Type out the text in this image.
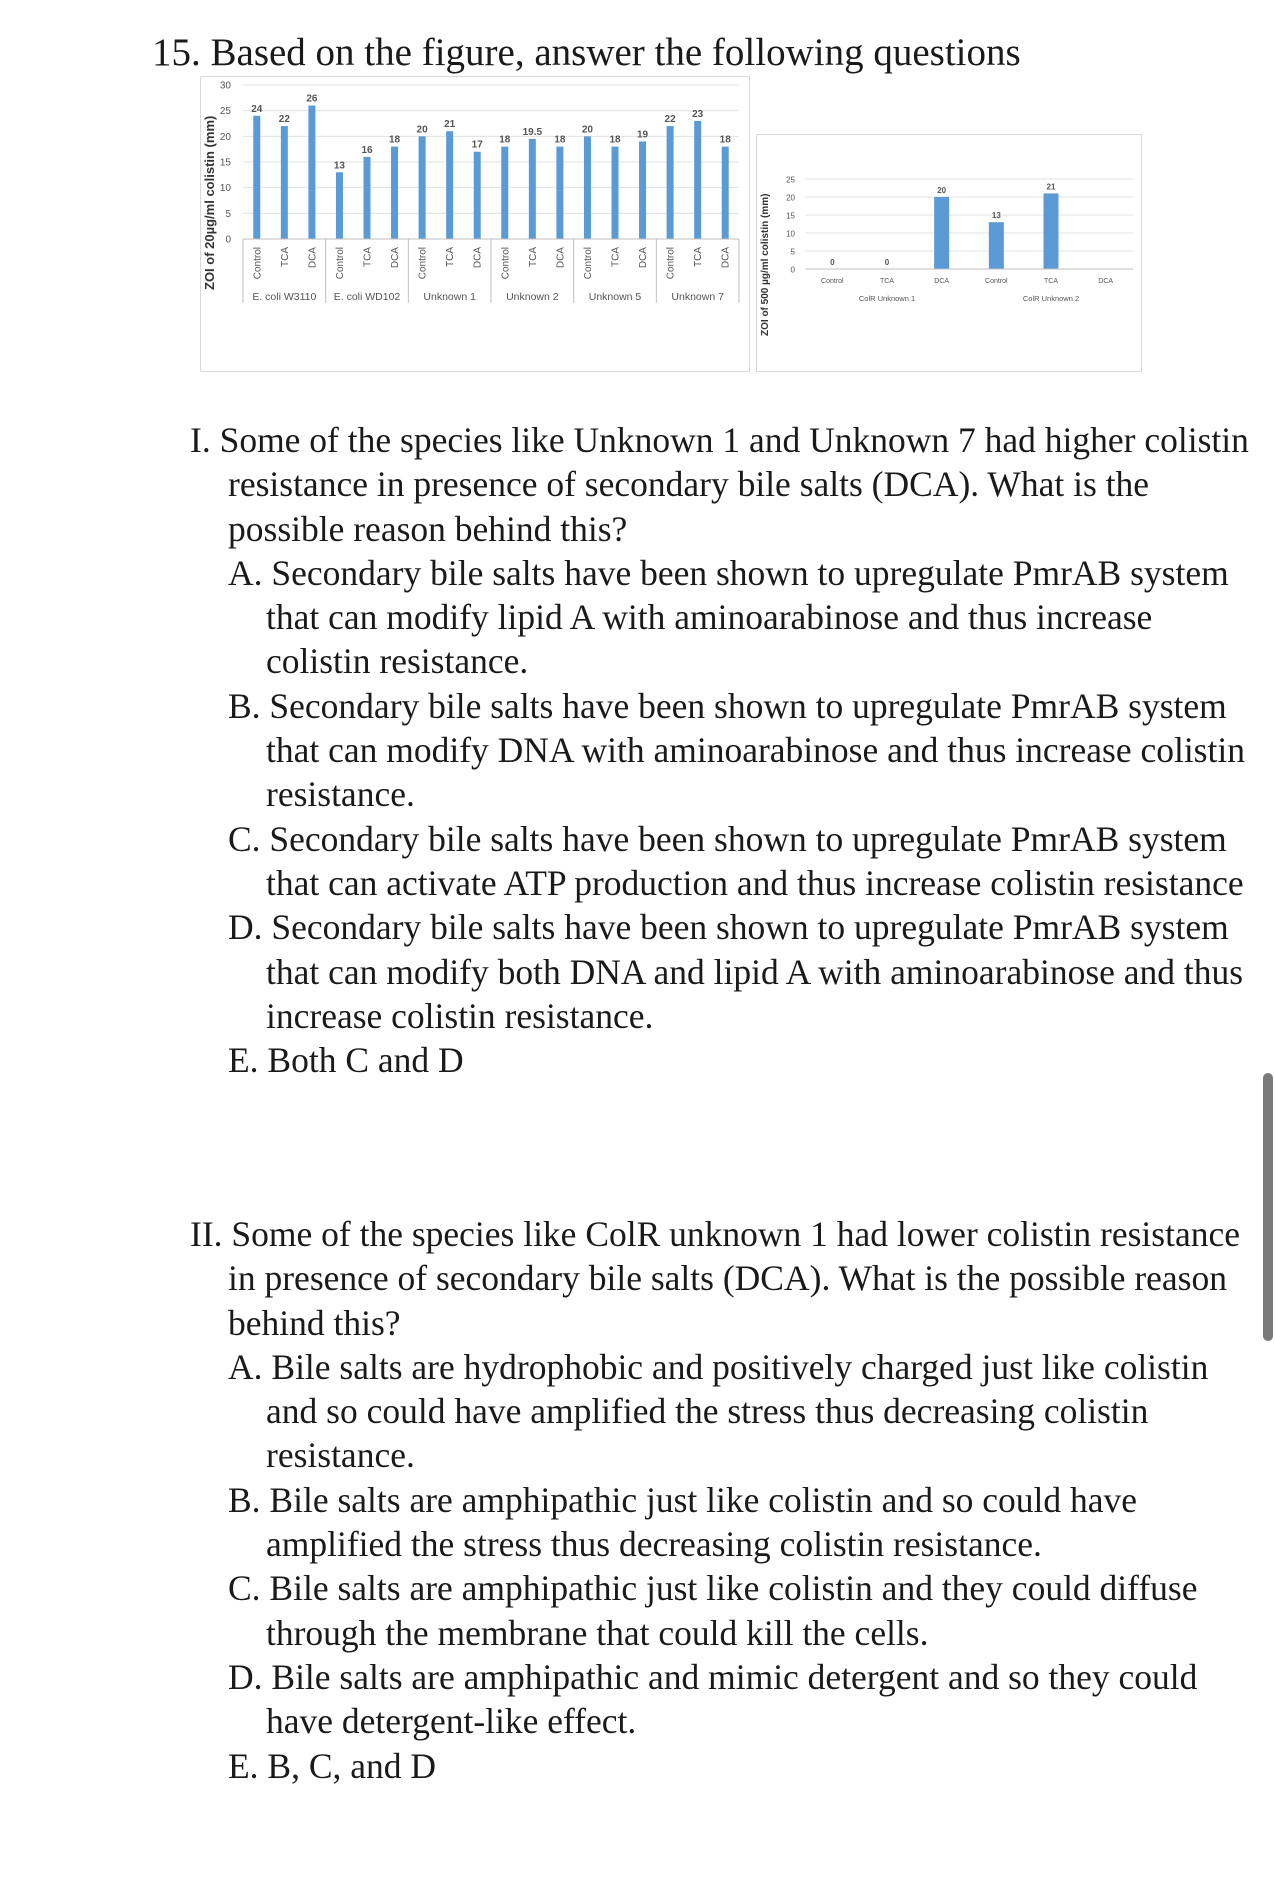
15. Based on the figure, answer the following questions
0
5
10
15
20
25
30
24
Control
22
TCA
26
DCA
E. coli W3110
13
Control
16
TCA
18
DCA
E. coli WD102
20
Control
21
TCA
17
DCA
Unknown 1
18
Control
19.5
TCA
18
DCA
Unknown 2
20
Control
18
TCA
19
DCA
Unknown 5
22
Control
23
TCA
18
DCA
Unknown 7
ZOI of 20µg/ml colistin (mm)	0
5
10
15
20
25
0
Control
0
TCA
20
DCA
ColR Unknown 1
13
Control
21
TCA	DCA
ColR Unknown 2
ZOI of 500 µg/ml colistin (mm)
I. Some of the species like Unknown 1 and Unknown 7 had higher colistin resistance in presence of secondary bile salts (DCA). What is the possible reason behind this?
A. Secondary bile salts have been shown to upregulate PmrAB system that can modify lipid A with aminoarabinose and thus increase colistin resistance.
B. Secondary bile salts have been shown to upregulate PmrAB system that can modify DNA with aminoarabinose and thus increase colistin resistance.
C. Secondary bile salts have been shown to upregulate PmrAB system that can activate ATP production and thus increase colistin resistance
D. Secondary bile salts have been shown to upregulate PmrAB system that can modify both DNA and lipid A with aminoarabinose and thus increase colistin resistance.
E. Both C and D
II. Some of the species like ColR unknown 1 had lower colistin resistance in presence of secondary bile salts (DCA). What is the possible reason behind this?
A. Bile salts are hydrophobic and positively charged just like colistin and so could have amplified the stress thus decreasing colistin resistance.
B. Bile salts are amphipathic just like colistin and so could have amplified the stress thus decreasing colistin resistance.
C. Bile salts are amphipathic just like colistin and they could diffuse through the membrane that could kill the cells.
D. Bile salts are amphipathic and mimic detergent and so they could have detergent-like effect.
E. B, C, and D
